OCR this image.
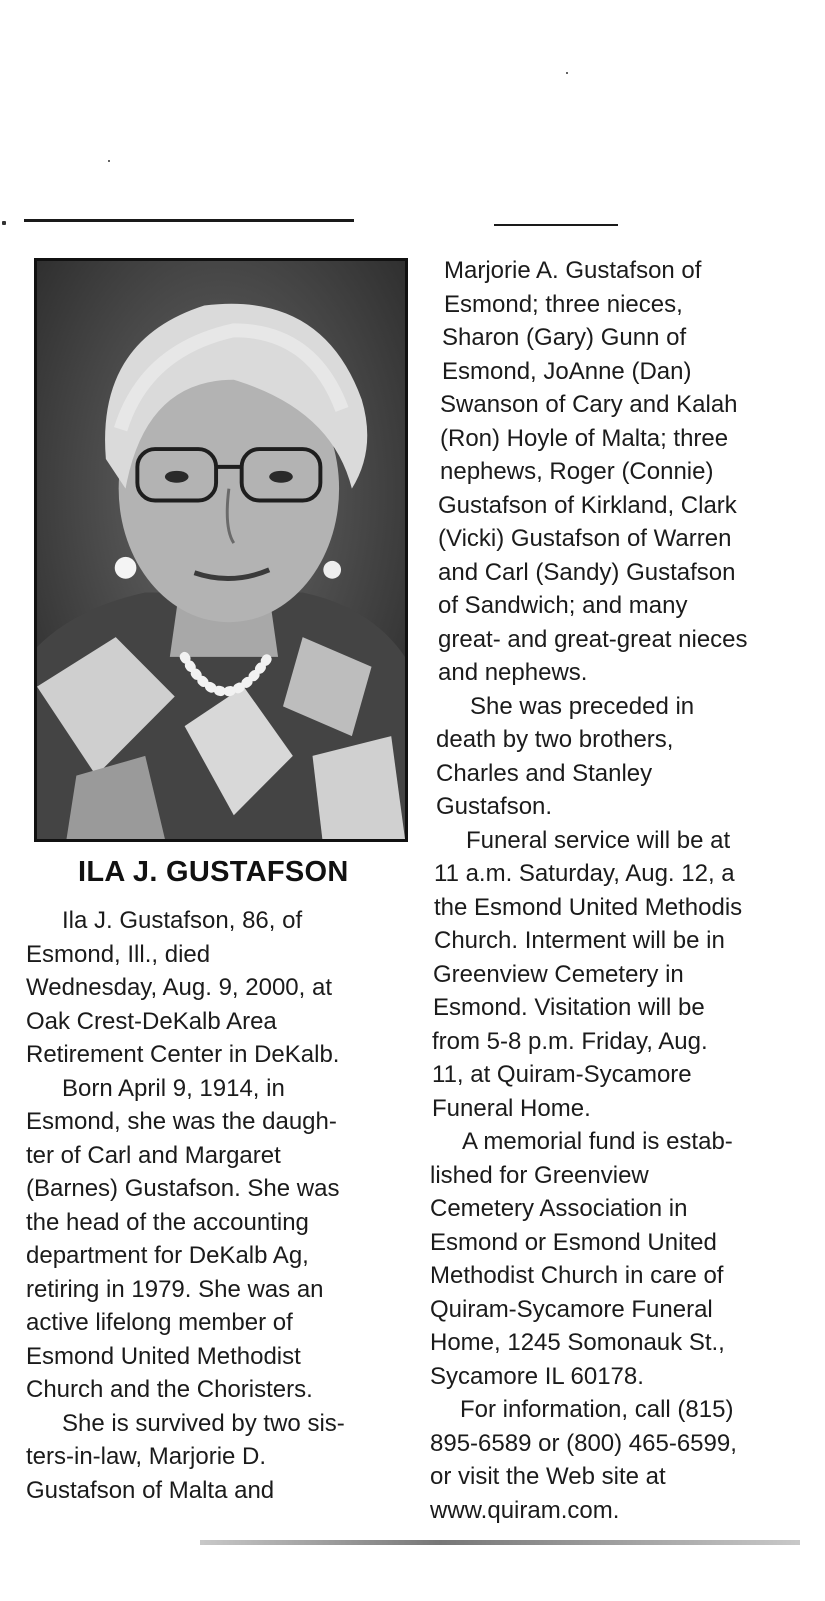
ILA J. GUSTAFSON
Ila J. Gustafson, 86, of
Esmond, Ill., died
Wednesday, Aug. 9, 2000, at
Oak Crest-DeKalb Area
Retirement Center in DeKalb.
Born April 9, 1914, in
Esmond, she was the daugh-
ter of Carl and Margaret
(Barnes) Gustafson. She was
the head of the accounting
department for DeKalb Ag,
retiring in 1979. She was an
active lifelong member of
Esmond United Methodist
Church and the Choristers.
She is survived by two sis-
ters-in-law, Marjorie D.
Gustafson of Malta and
Marjorie A. Gustafson of
Esmond; three nieces,
Sharon (Gary) Gunn of
Esmond, JoAnne (Dan)
Swanson of Cary and Kalah
(Ron) Hoyle of Malta; three
nephews, Roger (Connie)
Gustafson of Kirkland, Clark
(Vicki) Gustafson of Warren
and Carl (Sandy) Gustafson
of Sandwich; and many
great- and great-great nieces
and nephews.
She was preceded in
death by two brothers,
Charles and Stanley
Gustafson.
Funeral service will be at
11 a.m. Saturday, Aug. 12, a
the Esmond United Methodis
Church. Interment will be in
Greenview Cemetery in
Esmond. Visitation will be
from 5-8 p.m. Friday, Aug.
11, at Quiram-Sycamore
Funeral Home.
A memorial fund is estab-
lished for Greenview
Cemetery Association in
Esmond or Esmond United
Methodist Church in care of
Quiram-Sycamore Funeral
Home, 1245 Somonauk St.,
Sycamore IL 60178.
For information, call (815)
895-6589 or (800) 465-6599,
or visit the Web site at
www.quiram.com.
